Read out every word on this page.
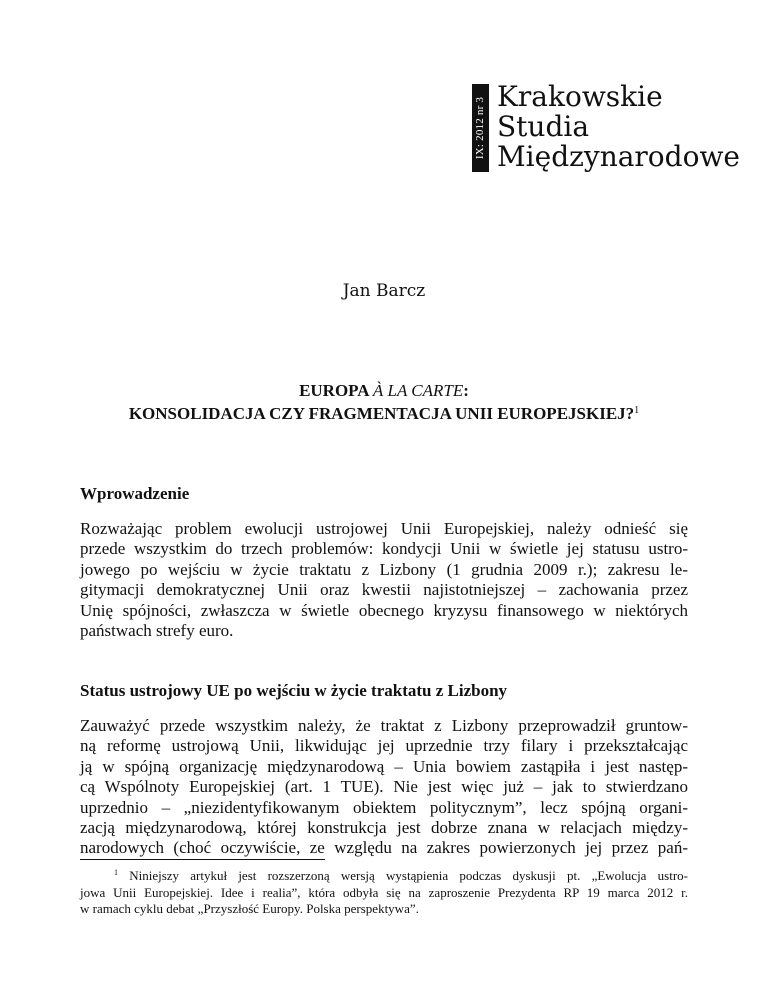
IX: 2012 nr 3
Krakowskie
Studia
Międzynarodowe
Jan Barcz
EUROPA À LA CARTE:
KONSOLIDACJA CZY FRAGMENTACJA UNII EUROPEJSKIEJ?$^1$
Wprowadzenie
Rozważając problem ewolucji ustrojowej Unii Europejskiej, należy odnieść się
przede wszystkim do trzech problemów: kondycji Unii w świetle jej statusu ustro-
jowego po wejściu w życie traktatu z Lizbony (1 grudnia 2009 r.); zakresu le-
gitymacji demokratycznej Unii oraz kwestii najistotniejszej – zachowania przez
Unię spójności, zwłaszcza w świetle obecnego kryzysu finansowego w niektórych
państwach strefy euro.
Status ustrojowy UE po wejściu w życie traktatu z Lizbony
Zauważyć przede wszystkim należy, że traktat z Lizbony przeprowadził gruntow-
ną reformę ustrojową Unii, likwidując jej uprzednie trzy filary i przekształcając
ją w spójną organizację międzynarodową – Unia bowiem zastąpiła i jest następ-
cą Wspólnoty Europejskiej (art. 1 TUE). Nie jest więc już – jak to stwierdzano
uprzednio – „niezidentyfikowanym obiektem politycznym”, lecz spójną organi-
zacją międzynarodową, której konstrukcja jest dobrze znana w relacjach między-
narodowych (choć oczywiście, ze względu na zakres powierzonych jej przez pań-
$^1$ Niniejszy artykuł jest rozszerzoną wersją wystąpienia podczas dyskusji pt. „Ewolucja ustro-
jowa Unii Europejskiej. Idee i realia”, która odbyła się na zaproszenie Prezydenta RP 19 marca 2012 r.
w ramach cyklu debat „Przyszłość Europy. Polska perspektywa”.
